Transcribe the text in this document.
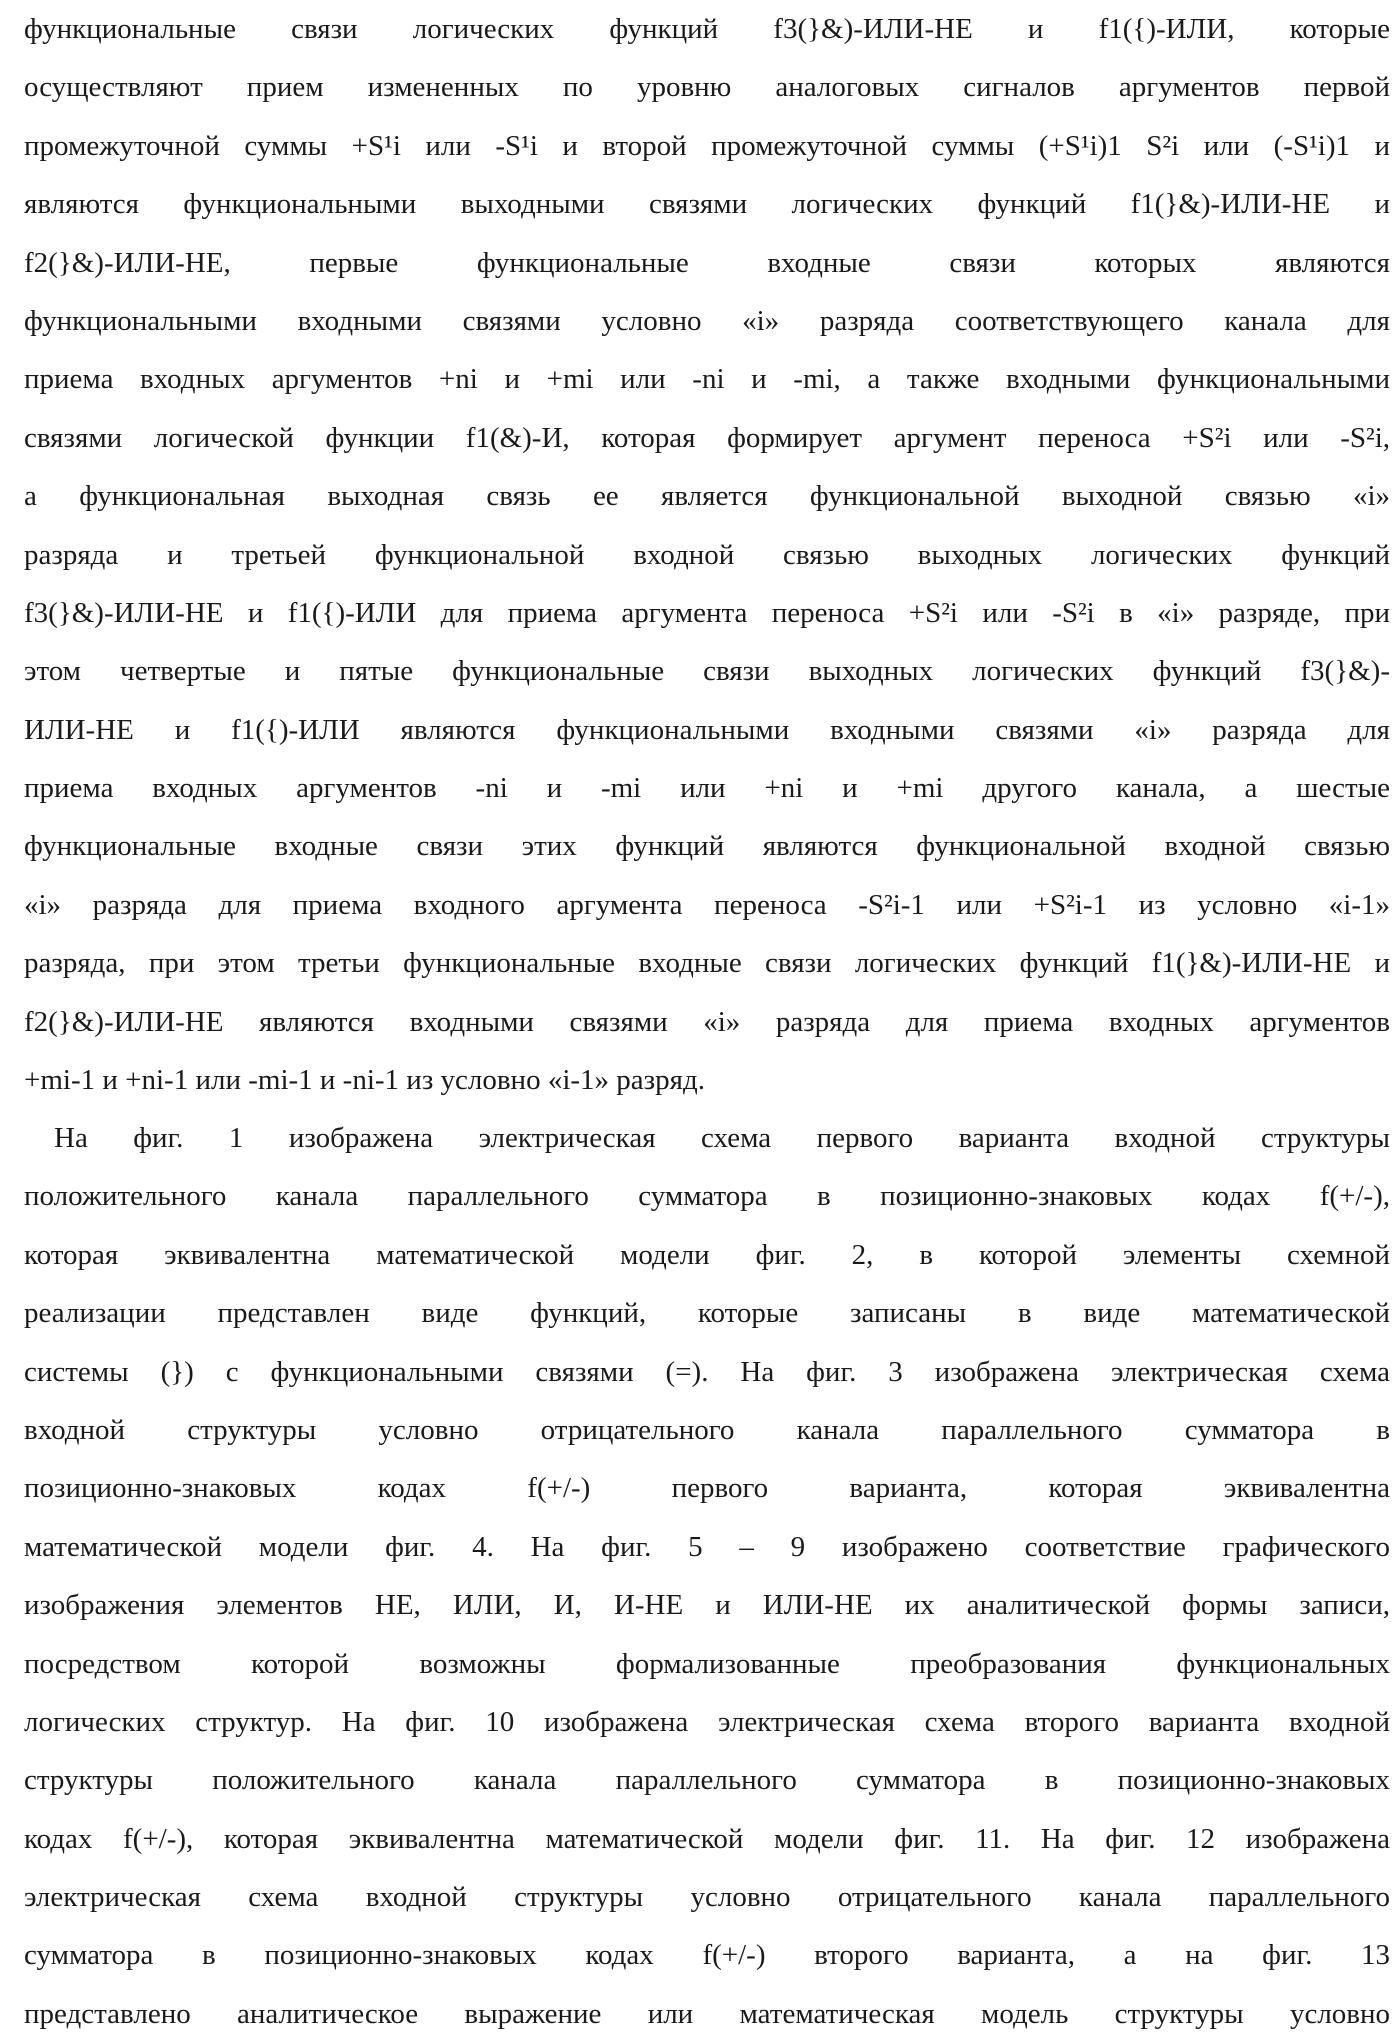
функциональные связи логических функций f3(}&)-ИЛИ-НЕ и f1({)-ИЛИ, которые
осуществляют прием измененных по уровню аналоговых сигналов аргументов первой
промежуточной суммы +S¹i или -S¹i и второй промежуточной суммы (+S¹i)1 S²i или (-S¹i)1 и
являются функциональными выходными связями логических функций f1(}&)-ИЛИ-НЕ и
f2(}&)-ИЛИ-НЕ, первые функциональные входные связи которых являются
функциональными входными связями условно «i» разряда соответствующего канала для
приема входных аргументов +ni и +mi или -ni и -mi, а также входными функциональными
связями логической функции f1(&)-И, которая формирует аргумент переноса +S²i или -S²i,
а функциональная выходная связь ее является функциональной выходной связью «i»
разряда и третьей функциональной входной связью выходных логических функций
f3(}&)-ИЛИ-НЕ и f1({)-ИЛИ для приема аргумента переноса +S²i или -S²i в «i» разряде, при
этом четвертые и пятые функциональные связи выходных логических функций f3(}&)-
ИЛИ-НЕ и f1({)-ИЛИ являются функциональными входными связями «i» разряда для
приема входных аргументов -ni и -mi или +ni и +mi другого канала, а шестые
функциональные входные связи этих функций являются функциональной входной связью
«i» разряда для приема входного аргумента переноса -S²i-1 или +S²i-1 из условно «i-1»
разряда, при этом третьи функциональные входные связи логических функций f1(}&)-ИЛИ-НЕ и
f2(}&)-ИЛИ-НЕ являются входными связями «i» разряда для приема входных аргументов
+mi-1 и +ni-1 или -mi-1 и -ni-1 из условно «i-1» разряд.
На фиг. 1 изображена электрическая схема первого варианта входной структуры
положительного канала параллельного сумматора в позиционно-знаковых кодах f(+/-),
которая эквивалентна математической модели фиг. 2, в которой элементы схемной
реализации представлен виде функций, которые записаны в виде математической
системы (}) с функциональными связями (=). На фиг. 3 изображена электрическая схема
входной структуры условно отрицательного канала параллельного сумматора в
позиционно-знаковых кодах f(+/-) первого варианта, которая эквивалентна
математической модели фиг. 4. На фиг. 5 – 9 изображено соответствие графического
изображения элементов НЕ, ИЛИ, И, И-НЕ и ИЛИ-НЕ их аналитической формы записи,
посредством которой возможны формализованные преобразования функциональных
логических структур. На фиг. 10 изображена электрическая схема второго варианта входной
структуры положительного канала параллельного сумматора в позиционно-знаковых
кодах f(+/-), которая эквивалентна математической модели фиг. 11. На фиг. 12 изображена
электрическая схема входной структуры условно отрицательного канала параллельного
сумматора в позиционно-знаковых кодах f(+/-) второго варианта, а на фиг. 13
представлено аналитическое выражение или математическая модель структуры условно
